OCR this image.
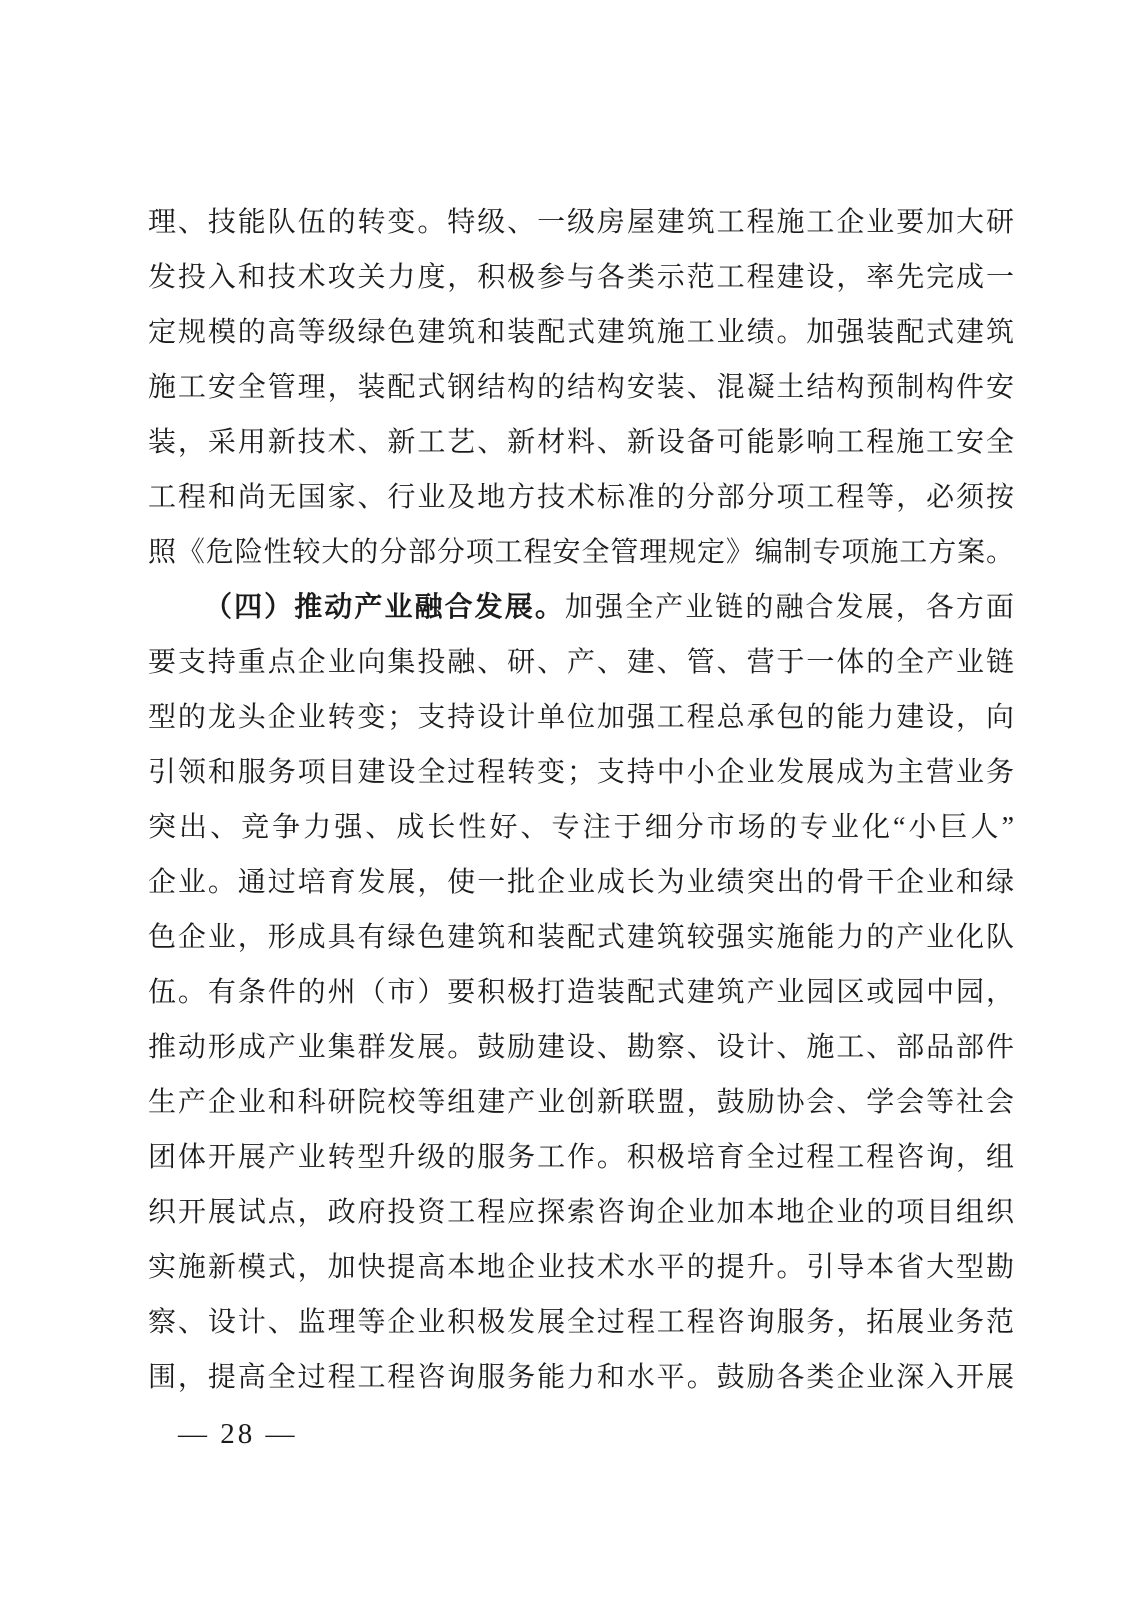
理、技能队伍的转变。特级、一级房屋建筑工程施工企业要加大研
发投入和技术攻关力度，积极参与各类示范工程建设，率先完成一
定规模的高等级绿色建筑和装配式建筑施工业绩。加强装配式建筑
施工安全管理，装配式钢结构的结构安装、混凝土结构预制构件安
装，采用新技术、新工艺、新材料、新设备可能影响工程施工安全
工程和尚无国家、行业及地方技术标准的分部分项工程等，必须按
照《危险性较大的分部分项工程安全管理规定》编制专项施工方案。
（四）推动产业融合发展。加强全产业链的融合发展，各方面
要支持重点企业向集投融、研、产、建、管、营于一体的全产业链
型的龙头企业转变；支持设计单位加强工程总承包的能力建设，向
引领和服务项目建设全过程转变；支持中小企业发展成为主营业务
突出、竞争力强、成长性好、专注于细分市场的专业化“小巨人”
企业。通过培育发展，使一批企业成长为业绩突出的骨干企业和绿
色企业，形成具有绿色建筑和装配式建筑较强实施能力的产业化队
伍。有条件的州（市）要积极打造装配式建筑产业园区或园中园，
推动形成产业集群发展。鼓励建设、勘察、设计、施工、部品部件
生产企业和科研院校等组建产业创新联盟，鼓励协会、学会等社会
团体开展产业转型升级的服务工作。积极培育全过程工程咨询，组
织开展试点，政府投资工程应探索咨询企业加本地企业的项目组织
实施新模式，加快提高本地企业技术水平的提升。引导本省大型勘
察、设计、监理等企业积极发展全过程工程咨询服务，拓展业务范
围，提高全过程工程咨询服务能力和水平。鼓励各类企业深入开展
— 28 —
